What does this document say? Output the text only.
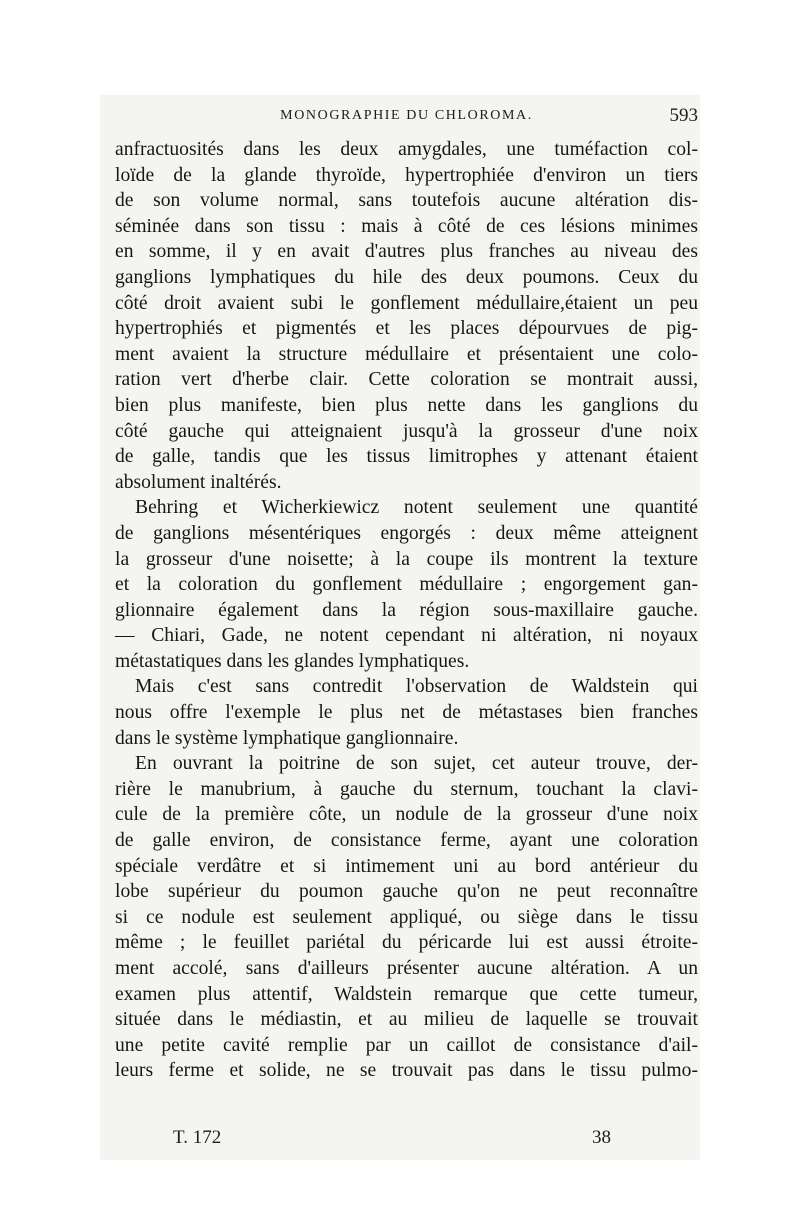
MONOGRAPHIE DU CHLOROMA.	593
anfractuosités dans les deux amygdales, une tuméfaction col-
loïde de la glande thyroïde, hypertrophiée d'environ un tiers
de son volume normal, sans toutefois aucune altération dis-
séminée dans son tissu : mais à côté de ces lésions minimes
en somme, il y en avait d'autres plus franches au niveau des
ganglions lymphatiques du hile des deux poumons. Ceux du
côté droit avaient subi le gonflement médullaire,étaient un peu
hypertrophiés et pigmentés et les places dépourvues de pig-
ment avaient la structure médullaire et présentaient une colo-
ration vert d'herbe clair. Cette coloration se montrait aussi,
bien plus manifeste, bien plus nette dans les ganglions du
côté gauche qui atteignaient jusqu'à la grosseur d'une noix
de galle, tandis que les tissus limitrophes y attenant étaient
absolument inaltérés.
Behring et Wicherkiewicz notent seulement une quantité
de ganglions mésentériques engorgés : deux même atteignent
la grosseur d'une noisette; à la coupe ils montrent la texture
et la coloration du gonflement médullaire ; engorgement gan-
glionnaire également dans la région sous-maxillaire gauche.
— Chiari, Gade, ne notent cependant ni altération, ni noyaux
métastatiques dans les glandes lymphatiques.
Mais c'est sans contredit l'observation de Waldstein qui
nous offre l'exemple le plus net de métastases bien franches
dans le système lymphatique ganglionnaire.
En ouvrant la poitrine de son sujet, cet auteur trouve, der-
rière le manubrium, à gauche du sternum, touchant la clavi-
cule de la première côte, un nodule de la grosseur d'une noix
de galle environ, de consistance ferme, ayant une coloration
spéciale verdâtre et si intimement uni au bord antérieur du
lobe supérieur du poumon gauche qu'on ne peut reconnaître
si ce nodule est seulement appliqué, ou siège dans le tissu
même ; le feuillet pariétal du péricarde lui est aussi étroite-
ment accolé, sans d'ailleurs présenter aucune altération. A un
examen plus attentif, Waldstein remarque que cette tumeur,
située dans le médiastin, et au milieu de laquelle se trouvait
une petite cavité remplie par un caillot de consistance d'ail-
leurs ferme et solide, ne se trouvait pas dans le tissu pulmo-
T. 172	38
